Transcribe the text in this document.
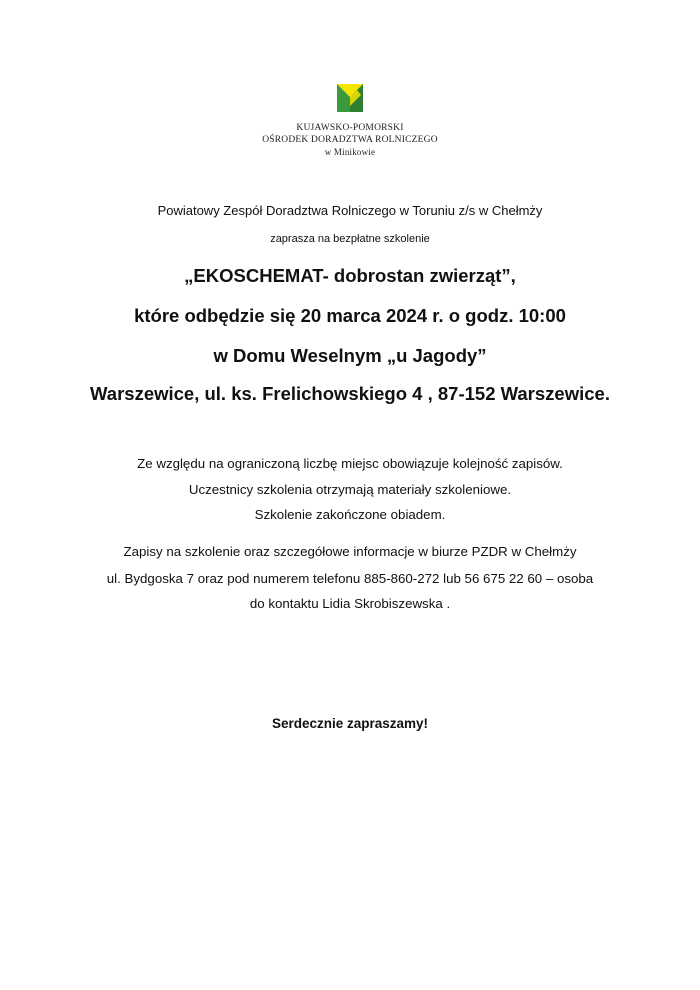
KUJAWSKO-POMORSKI
OŚRODEK DORADZTWA ROLNICZEGO
w Minikowie
Powiatowy Zespół Doradztwa Rolniczego w Toruniu z/s w Chełmży
zaprasza na bezpłatne szkolenie
„EKOSCHEMAT- dobrostan zwierząt”,
które odbędzie się 20 marca 2024 r. o godz. 10:00
w Domu Weselnym „u Jagody”
Warszewice, ul. ks. Frelichowskiego 4 , 87-152 Warszewice.
Ze względu na ograniczoną liczbę miejsc obowiązuje kolejność zapisów.
Uczestnicy szkolenia otrzymają materiały szkoleniowe.
Szkolenie zakończone obiadem.
Zapisy na szkolenie oraz szczegółowe informacje w biurze PZDR w Chełmży
ul. Bydgoska 7 oraz pod numerem telefonu 885-860-272 lub 56 675 22 60 – osoba
do kontaktu Lidia Skrobiszewska .
Serdecznie zapraszamy!
